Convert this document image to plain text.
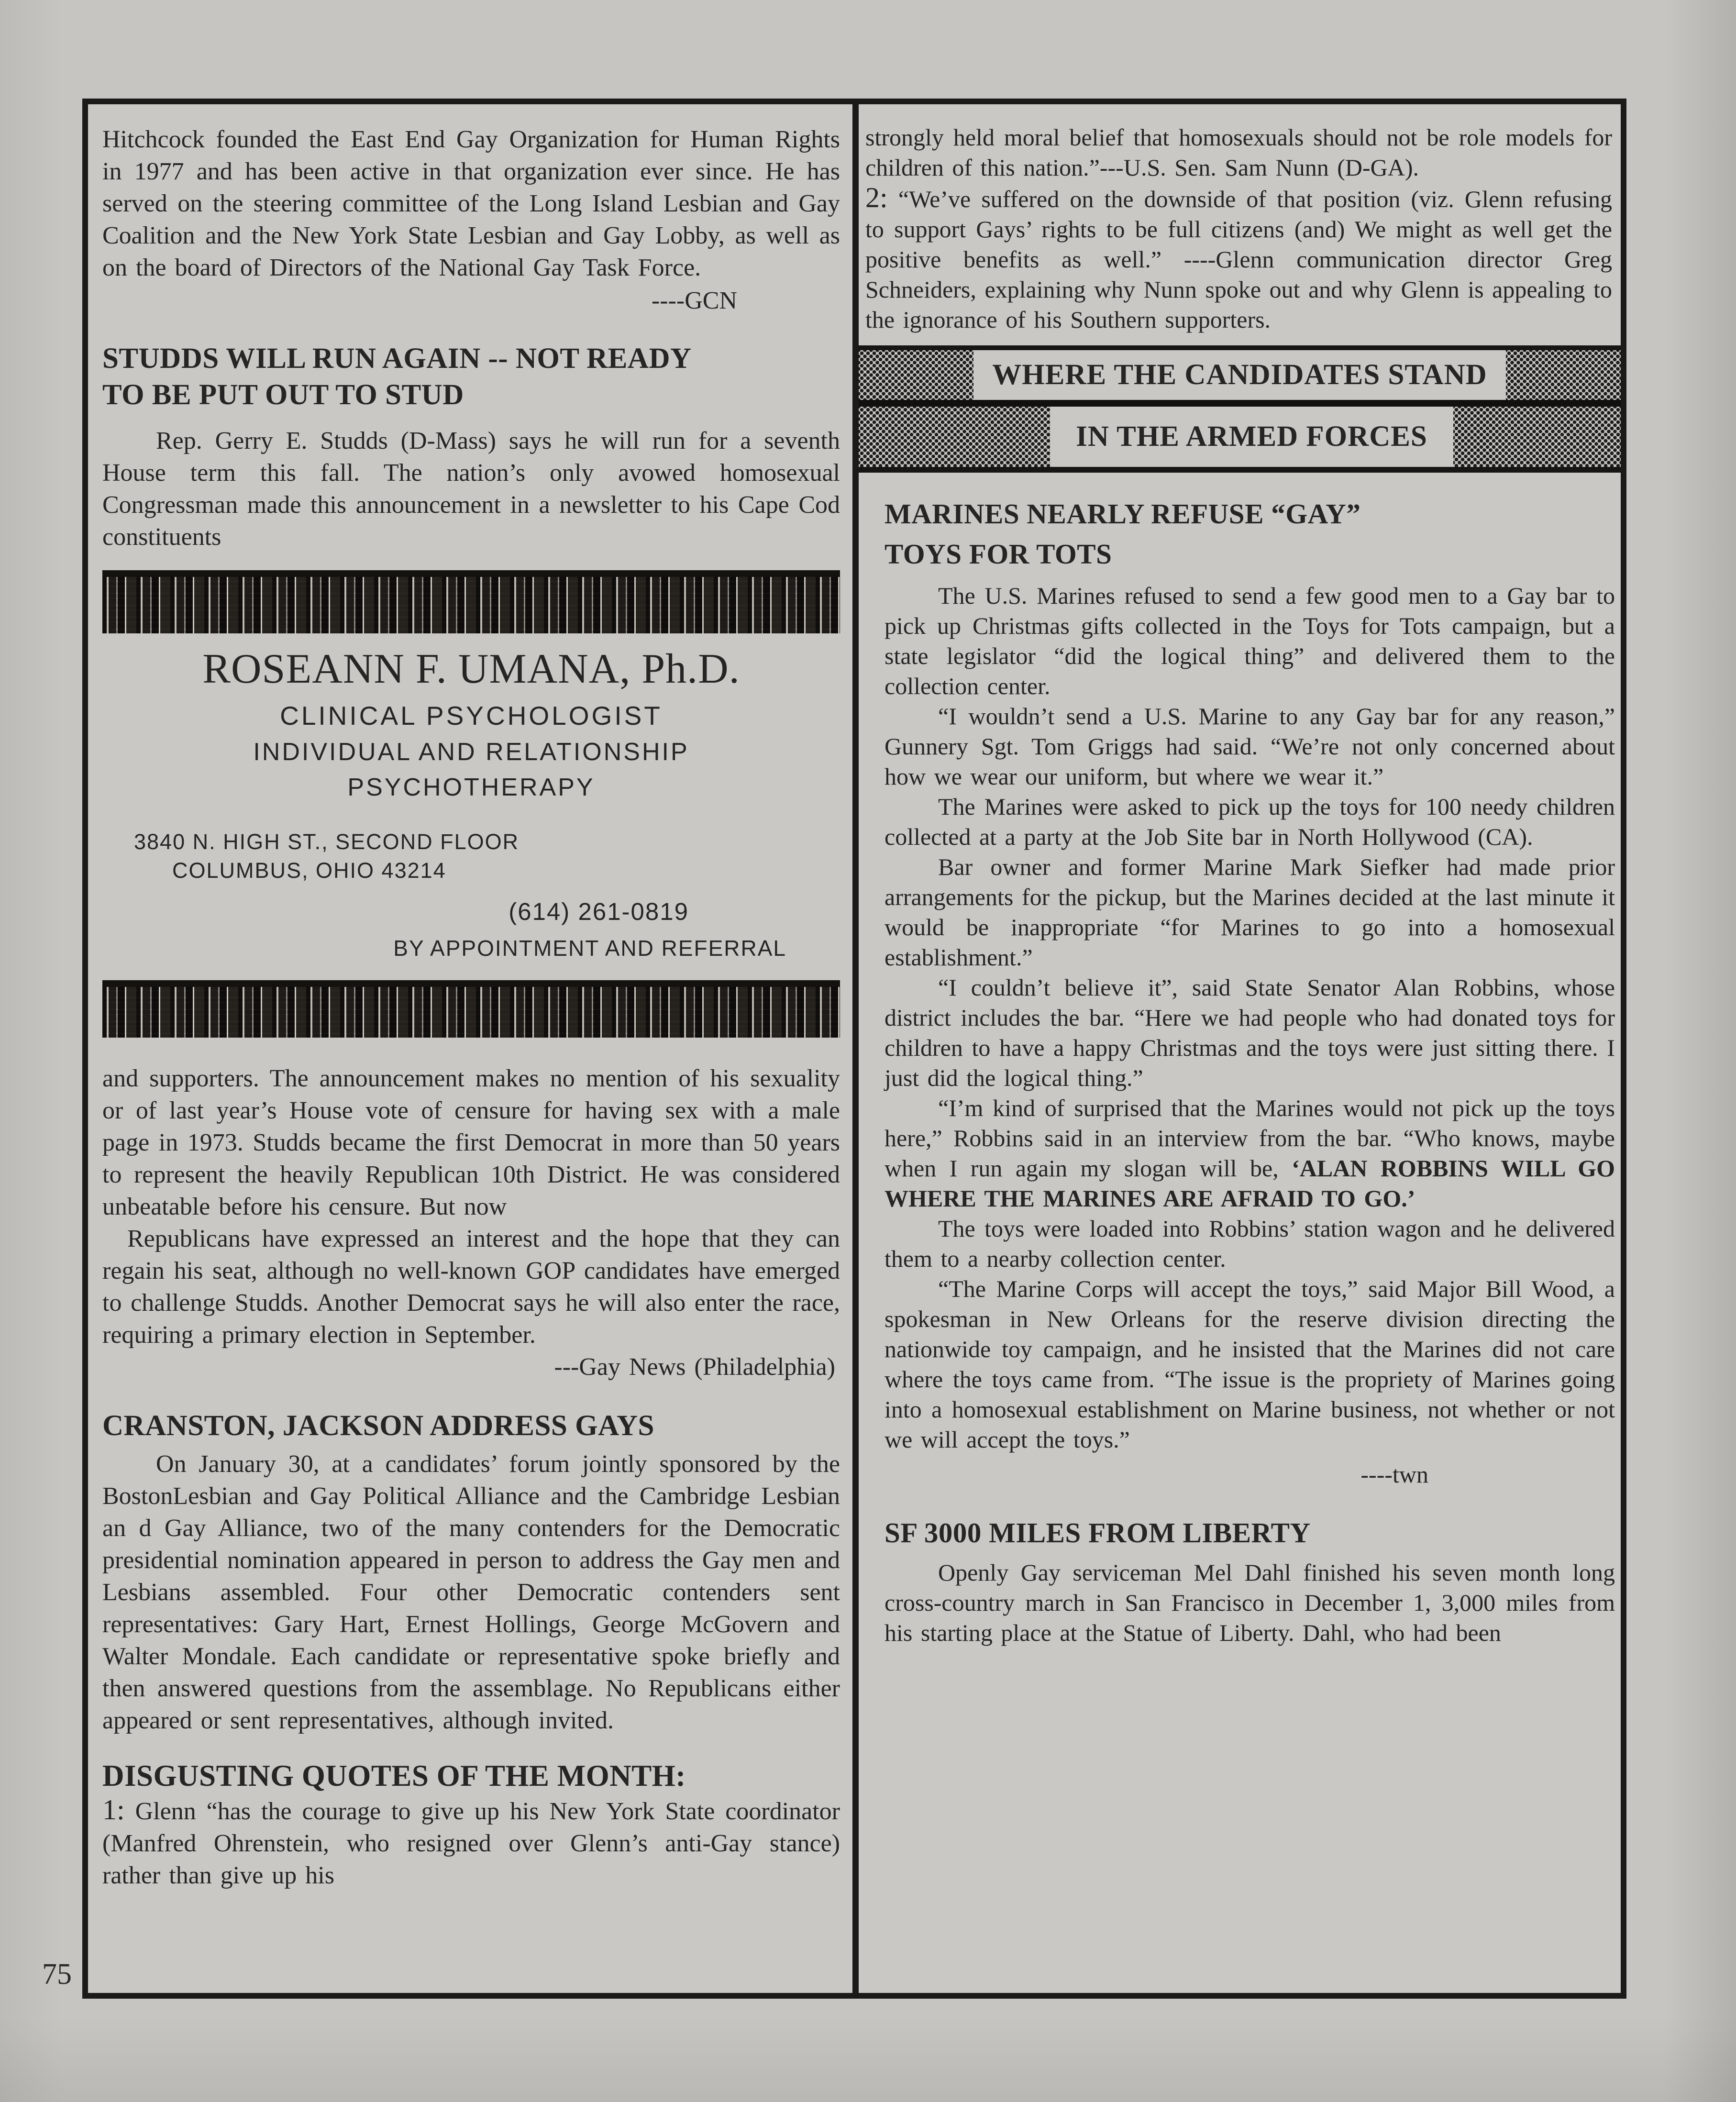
Hitchcock founded the East End Gay Organization for Human Rights in 1977 and has been active in that organization ever since. He has served on the steering committee of the Long Island Lesbian and Gay Coalition and the New York State Lesbian and Gay Lobby, as well as on the board of Directors of the National Gay Task Force.

----GCN

STUDDS WILL RUN AGAIN -- NOT READY
TO BE PUT OUT TO STUD

Rep. Gerry E. Studds (D-Mass) says he will run for a seventh House term this fall. The nation’s only avowed homosexual Congressman made this announcement in a newsletter to his Cape Cod constituents

ROSEANN F. UMANA, Ph.D.
CLINICAL PSYCHOLOGIST
INDIVIDUAL AND RELATIONSHIP
PSYCHOTHERAPY
3840 N. HIGH ST., SECOND FLOOR
COLUMBUS, OHIO 43214
(614) 261-0819
BY APPOINTMENT AND REFERRAL

and supporters. The announcement makes no mention of his sexuality or of last year’s House vote of censure for having sex with a male page in 1973. Studds became the first Democrat in more than 50 years to represent the heavily Republican 10th District. He was considered unbeatable before his censure. But now

Republicans have expressed an interest and the hope that they can regain his seat, although no well-known GOP candidates have emerged to challenge Studds. Another Democrat says he will also enter the race, requiring a primary election in September.

---Gay News (Philadelphia)

CRANSTON, JACKSON ADDRESS GAYS

On January 30, at a candidates’ forum jointly sponsored by the BostonLesbian and Gay Political Alliance and the Cambridge Lesbian an d Gay Alliance, two of the many contenders for the Democratic presidential nomination appeared in person to address the Gay men and Lesbians assembled. Four other Democratic contenders sent representatives: Gary Hart, Ernest Hollings, George McGovern and Walter Mondale. Each candidate or representative spoke briefly and then answered questions from the assemblage. No Republicans either appeared or sent representatives, although invited.

DISGUSTING QUOTES OF THE MONTH:

1: Glenn “has the courage to give up his New York State coordinator (Manfred Ohrenstein, who resigned over Glenn’s anti-Gay stance) rather than give up his

strongly held moral belief that homosexuals should not be role models for children of this nation.”---U.S. Sen. Sam Nunn (D-GA).

2: “We’ve suffered on the downside of that position (viz. Glenn refusing to support Gays’ rights to be full citizens (and) We might as well get the positive benefits as well.” ----Glenn communication director Greg Schneiders, explaining why Nunn spoke out and why Glenn is appealing to the ignorance of his Southern supporters.

WHERE THE CANDIDATES STAND
IN THE ARMED FORCES
MARINES NEARLY REFUSE “GAY”
TOYS FOR TOTS

The U.S. Marines refused to send a few good men to a Gay bar to pick up Christmas gifts collected in the Toys for Tots campaign, but a state legislator “did the logical thing” and delivered them to the collection center.

“I wouldn’t send a U.S. Marine to any Gay bar for any reason,” Gunnery Sgt. Tom Griggs had said. “We’re not only concerned about how we wear our uniform, but where we wear it.”

The Marines were asked to pick up the toys for 100 needy children collected at a party at the Job Site bar in North Hollywood (CA).

Bar owner and former Marine Mark Siefker had made prior arrangements for the pickup, but the Marines decided at the last minute it would be inappropriate “for Marines to go into a homosexual establishment.”

“I couldn’t believe it”, said State Senator Alan Robbins, whose district includes the bar. “Here we had people who had donated toys for children to have a happy Christmas and the toys were just sitting there. I just did the logical thing.”

“I’m kind of surprised that the Marines would not pick up the toys here,” Robbins said in an interview from the bar. “Who knows, maybe when I run again my slogan will be, ‘ALAN ROBBINS WILL GO WHERE THE MARINES ARE AFRAID TO GO.’

The toys were loaded into Robbins’ station wagon and he delivered them to a nearby collection center.

“The Marine Corps will accept the toys,” said Major Bill Wood, a spokesman in New Orleans for the reserve division directing the nationwide toy campaign, and he insisted that the Marines did not care where the toys came from. “The issue is the propriety of Marines going into a homosexual establishment on Marine business, not whether or not we will accept the toys.”

----twn

SF 3000 MILES FROM LIBERTY

Openly Gay serviceman Mel Dahl finished his seven month long cross-country march in San Francisco in December 1, 3,000 miles from his starting place at the Statue of Liberty. Dahl, who had been

75
